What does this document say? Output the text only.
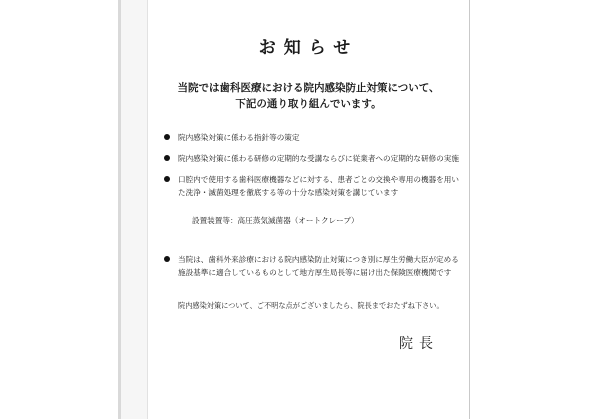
お知らせ
当院では歯科医療における院内感染防止対策について、
下記の通り取り組んでいます。
院内感染対策に係わる指針等の策定
院内感染対策に係わる研修の定期的な受講ならびに従業者への定期的な研修の実施
口腔内で使用する歯科医療機器などに対する、患者ごとの交換や専用の機器を用いた洗浄・滅菌処理を徹底する等の十分な感染対策を講じています
設置装置等：高圧蒸気滅菌器（オートクレーブ）
当院は、歯科外来診療における院内感染防止対策につき別に厚生労働大臣が定める施設基準に適合しているものとして地方厚生局長等に届け出た保険医療機関です
院内感染対策について、ご不明な点がございましたら、院長までおたずね下さい。
院長
